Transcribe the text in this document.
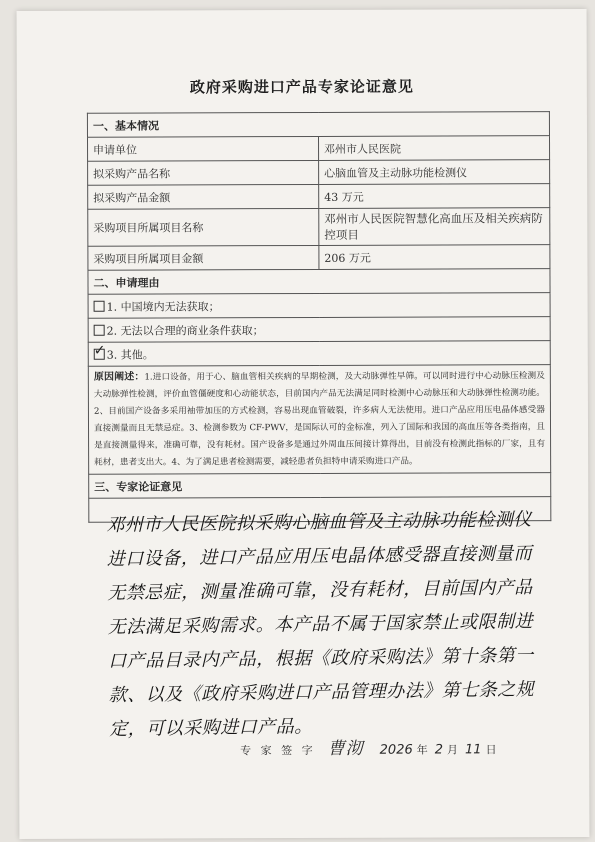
政府采购进口产品专家论证意见
一、基本情况	
申请单位	邓州市人民医院
拟采购产品名称	心脑血管及主动脉功能检测仪
拟采购产品金额	43 万元
采购项目所属项目名称	邓州市人民医院智慧化高血压及相关疾病防控项目
采购项目所属项目金额	206 万元
二、申请理由	
1. 中国境内无法获取；	
2. 无法以合理的商业条件获取；	
✓3. 其他。
原因阐述：1.进口设备，用于心、脑血管相关疾病的早期检测，及大动脉弹性早筛。可以同时进行中心动脉压检测及大动脉弹性检测，评价血管僵硬度和心动能状态，目前国内产品无法满足同时检测中心动脉压和大动脉弹性检测功能。2、目前国产设备多采用袖带加压的方式检测，容易出现血管破裂，许多病人无法使用。进口产品应用压电晶体感受器直接测量而且无禁忌症。3、检测参数为 CF-PWV，是国际认可的金标准，列入了国际和我国的高血压等各类指南，且是直接测量得来，准确可靠，没有耗材。国产设备多是通过外周血压间接计算得出，目前没有检测此指标的厂家，且有耗材，患者支出大。4、为了满足患者检测需要，减轻患者负担特申请采购进口产品。	
三、专家论证意见	

邓州市人民医院拟采购心脑血管及主动脉功能检测仪进口设备，进口产品应用压电晶体感受器直接测量而无禁忌症，测量准确可靠，没有耗材，目前国内产品无法满足采购需求。本产品不属于国家禁止或限制进口产品目录内产品，根据《政府采购法》第十条第一款、以及《政府采购进口产品管理办法》第七条之规定，可以采购进口产品。
专 家 签 字 曹沏 2026 年 2 月 11 日	
